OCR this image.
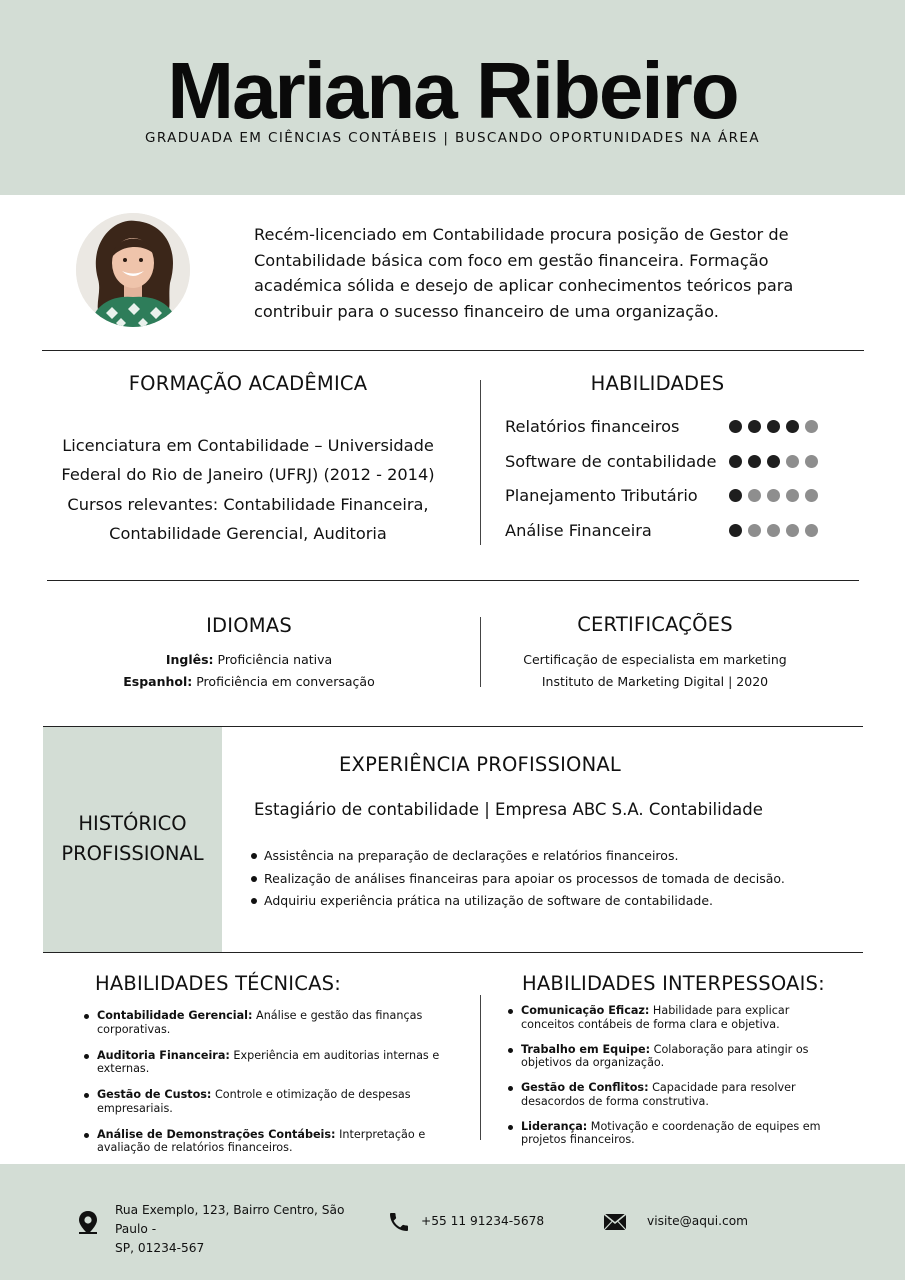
Mariana Ribeiro
GRADUADA EM CIÊNCIAS CONTÁBEIS | BUSCANDO OPORTUNIDADES NA ÁREA
Recém-licenciado em Contabilidade procura posição de Gestor de Contabilidade básica com foco em gestão financeira. Formação académica sólida e desejo de aplicar conhecimentos teóricos para contribuir para o sucesso financeiro de uma organização.
FORMAÇÃO ACADÊMICA
Licenciatura em Contabilidade – Universidade
Federal do Rio de Janeiro (UFRJ) (2012 - 2014)
Cursos relevantes: Contabilidade Financeira,
Contabilidade Gerencial, Auditoria
HABILIDADES
Relatórios financeiros
Software de contabilidade
Planejamento Tributário
Análise Financeira
IDIOMAS
Inglês: Proficiência nativa
Espanhol: Proficiência em conversação
CERTIFICAÇÕES
Certificação de especialista em marketing
Instituto de Marketing Digital | 2020
HISTÓRICO
PROFISSIONAL
EXPERIÊNCIA PROFISSIONAL
Estagiário de contabilidade | Empresa ABC S.A. Contabilidade
Assistência na preparação de declarações e relatórios financeiros.
Realização de análises financeiras para apoiar os processos de tomada de decisão.
Adquiriu experiência prática na utilização de software de contabilidade.
HABILIDADES TÉCNICAS:
Contabilidade Gerencial: Análise e gestão das finanças corporativas.
Auditoria Financeira: Experiência em auditorias internas e externas.
Gestão de Custos: Controle e otimização de despesas empresariais.
Análise de Demonstrações Contábeis: Interpretação e avaliação de relatórios financeiros.
HABILIDADES INTERPESSOAIS:
Comunicação Eficaz: Habilidade para explicar conceitos contábeis de forma clara e objetiva.
Trabalho em Equipe: Colaboração para atingir os objetivos da organização.
Gestão de Conflitos: Capacidade para resolver desacordos de forma construtiva.
Liderança: Motivação e coordenação de equipes em projetos financeiros.
Rua Exemplo, 123, Bairro Centro, São Paulo -
SP, 01234-567
+55 11 91234-5678	visite@aqui.com
